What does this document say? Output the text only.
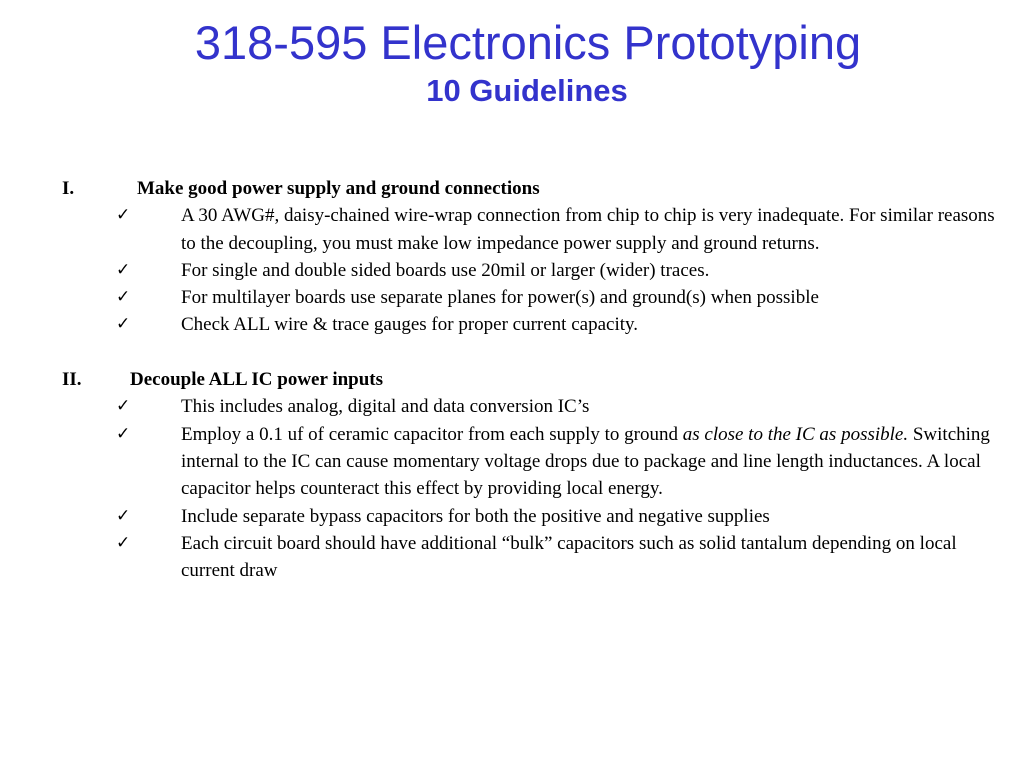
318-595 Electronics Prototyping
10 Guidelines
I.	Make good power supply and ground connections
✓	A 30 AWG#, daisy-chained wire-wrap connection from chip to chip is very inadequate. For similar reasons to the decoupling, you must make low impedance power supply and ground returns.
✓	For single and double sided boards use 20mil or larger (wider) traces.
✓	For multilayer boards use separate planes for power(s) and ground(s) when possible
✓	Check ALL wire & trace gauges for proper current capacity.
II.	Decouple ALL IC power inputs
✓	This includes analog, digital and data conversion IC’s
✓	Employ a 0.1 uf of ceramic capacitor from each supply to ground as close to the IC as possible. Switching internal to the IC can cause momentary voltage drops due to package and line length inductances. A local capacitor helps counteract this effect by providing local energy.
✓	Include separate bypass capacitors for both the positive and negative supplies
✓	Each circuit board should have additional “bulk” capacitors such as solid tantalum depending on local current draw
